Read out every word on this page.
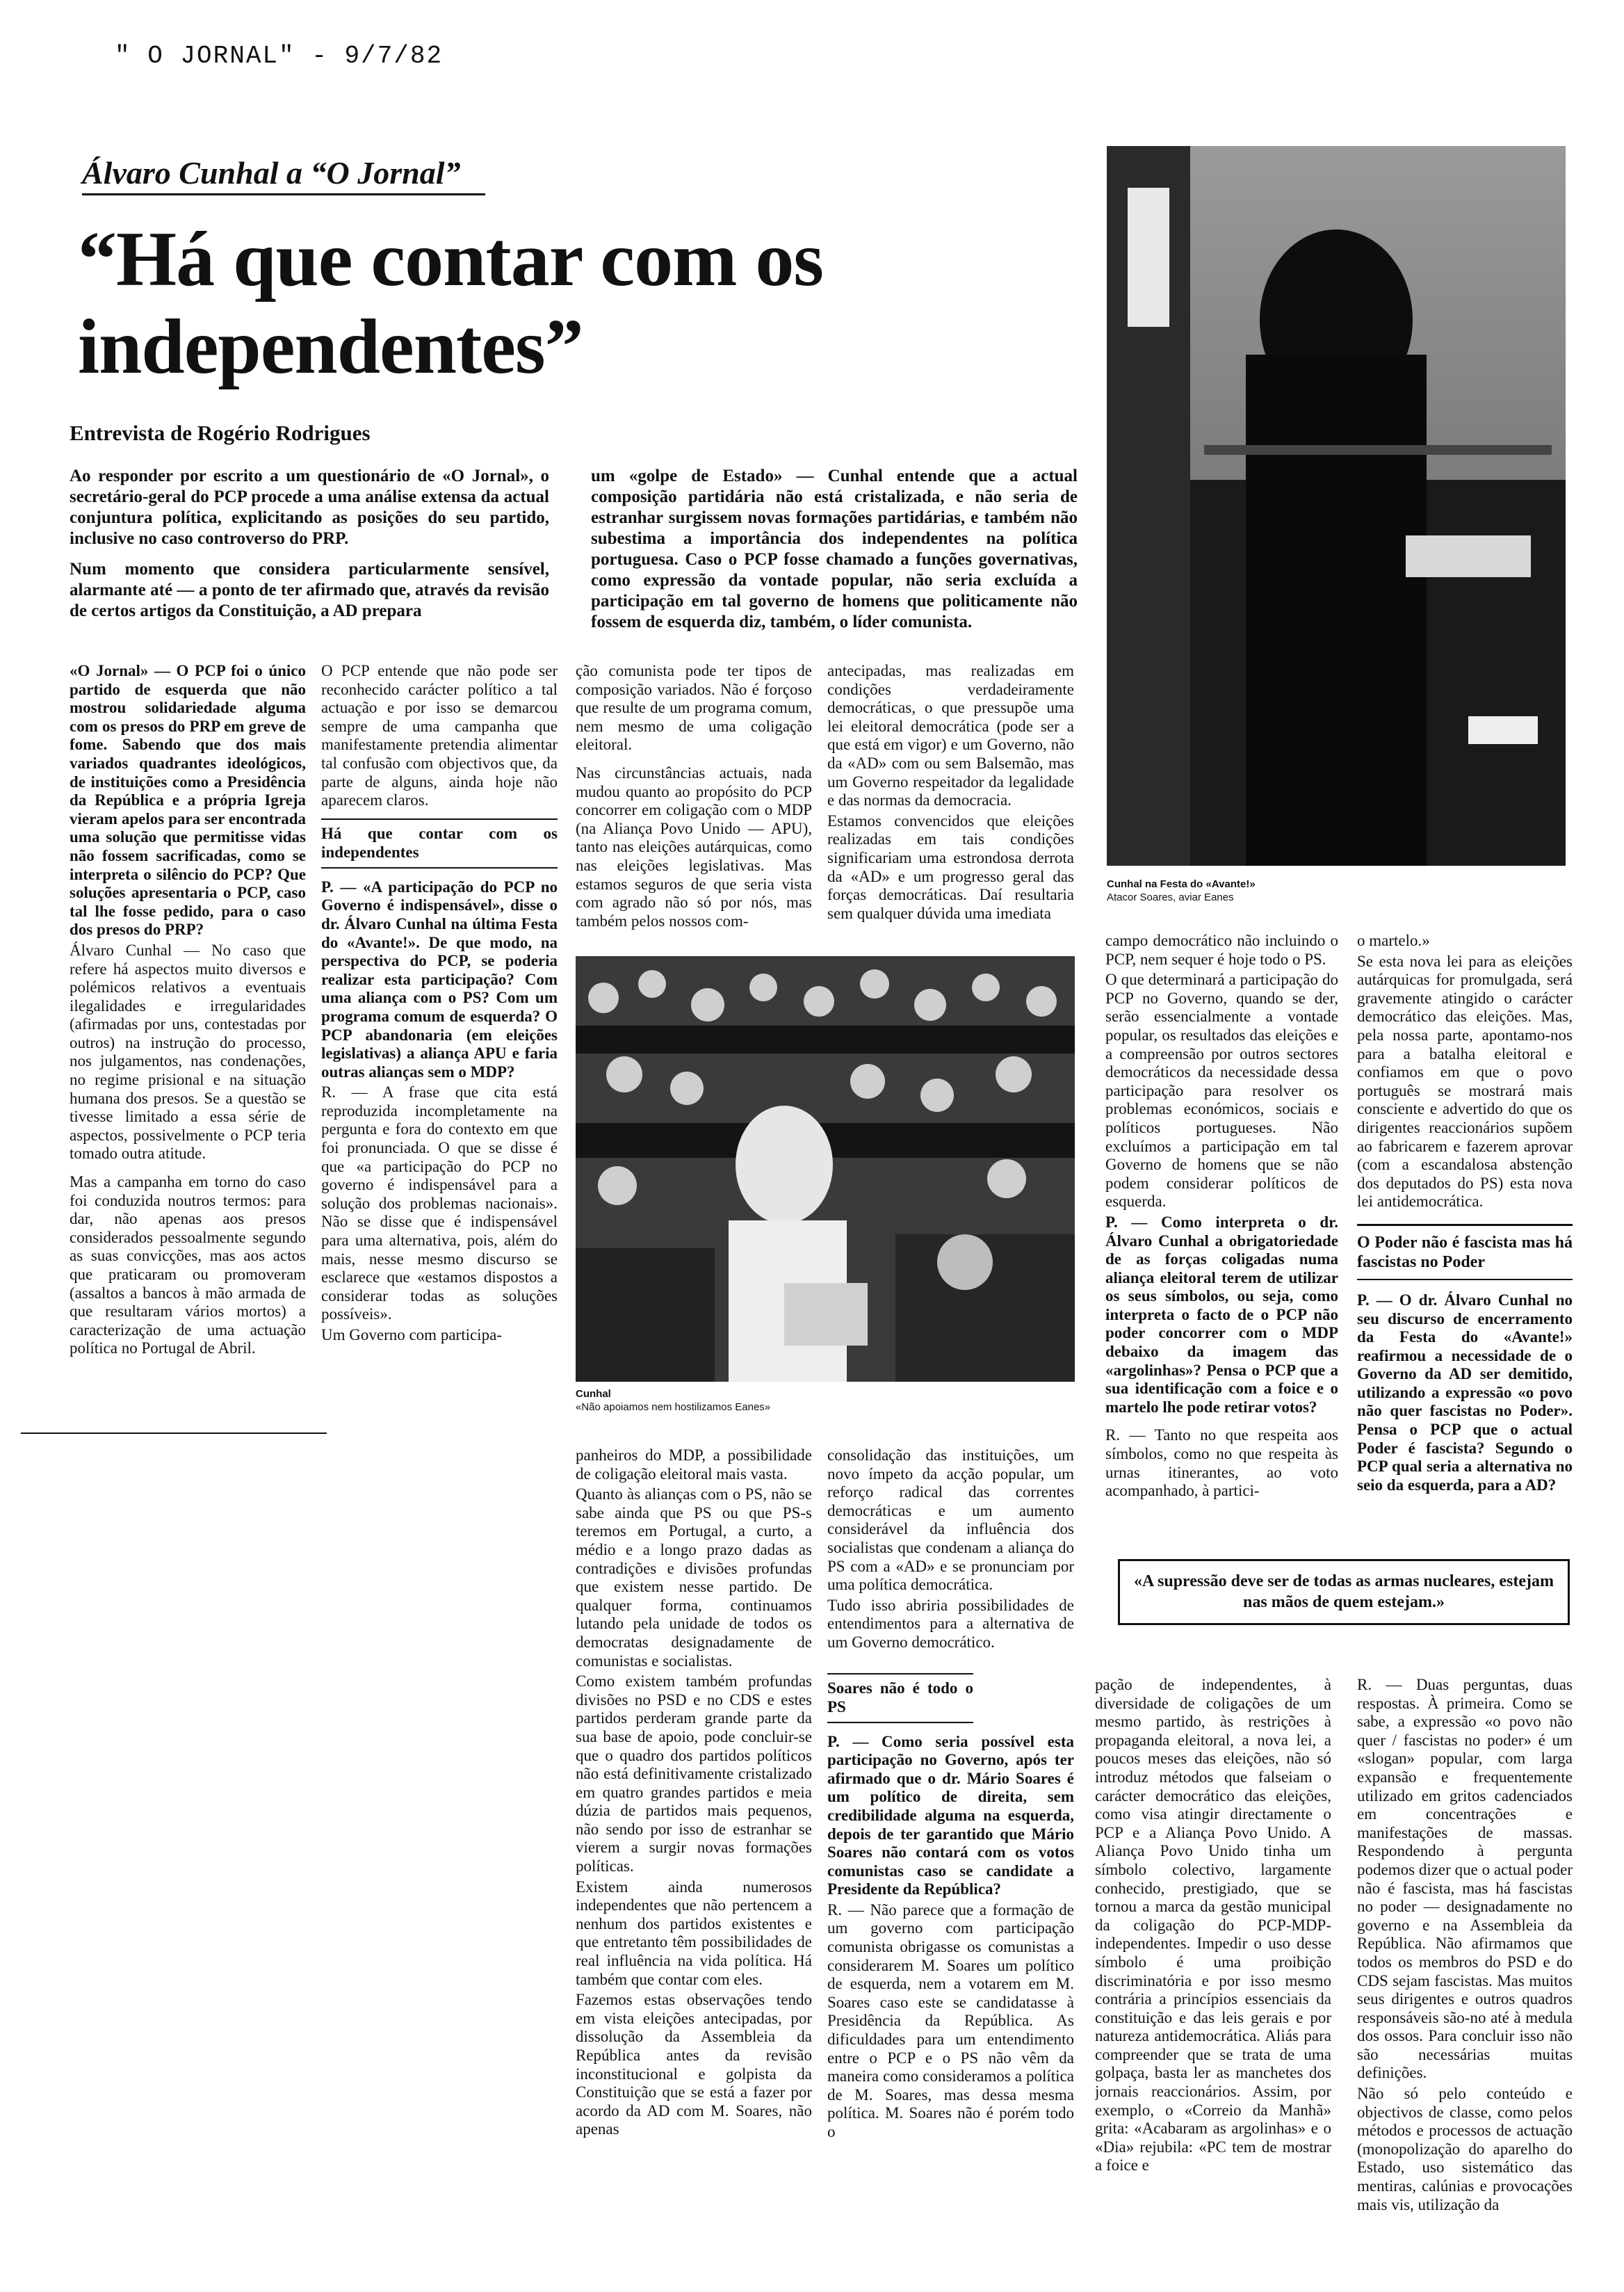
" O JORNAL" - 9/7/82
Álvaro Cunhal a “O Jornal”
“Há que contar com os independentes”
Entrevista de Rogério Rodrigues

Ao responder por escrito a um questionário de «O Jornal», o secretário-geral do PCP procede a uma análise extensa da actual conjuntura política, explicitando as posições do seu partido, inclusive no caso controverso do PRP.

Num momento que considera particularmente sensível, alarmante até — a ponto de ter afirmado que, através da revisão de certos artigos da Constituição, a AD prepara

um «golpe de Estado» — Cunhal entende que a actual composição partidária não está cristalizada, e não seria de estranhar surgissem novas formações partidárias, e também não subestima a importância dos independentes na política portuguesa. Caso o PCP fosse chamado a funções governativas, como expressão da vontade popular, não seria excluída a participação em tal governo de homens que politicamente não fossem de esquerda diz, também, o líder comunista.

Cunhal na Festa do «Avante!»
Atacor Soares, aviar Eanes

«O Jornal» — O PCP foi o único partido de esquerda que não mostrou solidariedade alguma com os presos do PRP em greve de fome. Sabendo que dos mais variados quadrantes ideológicos, de instituições como a Presidência da República e a própria Igreja vieram apelos para ser encontrada uma solução que permitisse vidas não fossem sacrificadas, como se interpreta o silêncio do PCP? Que soluções apresentaria o PCP, caso tal lhe fosse pedido, para o caso dos presos do PRP?

Álvaro Cunhal — No caso que refere há aspectos muito diversos e polémicos relativos a eventuais ilegalidades e irregularidades (afirmadas por uns, contestadas por outros) na instrução do processo, nos julgamentos, nas condenações, no regime prisional e na situação humana dos presos. Se a questão se tivesse limitado a essa série de aspectos, possivelmente o PCP teria tomado outra atitude.

Mas a campanha em torno do caso foi conduzida noutros termos: para dar, não apenas aos presos considerados pessoalmente segundo as suas convicções, mas aos actos que praticaram ou promoveram (assaltos a bancos à mão armada de que resultaram vários mortos) a caracterização de uma actuação política no Portugal de Abril.

O PCP entende que não pode ser reconhecido carácter político a tal actuação e por isso se demarcou sempre de uma campanha que manifestamente pretendia alimentar tal confusão com objectivos que, da parte de alguns, ainda hoje não aparecem claros.

Há que contar com os independentes

P. — «A participação do PCP no Governo é indispensável», disse o dr. Álvaro Cunhal na última Festa do «Avante!». De que modo, na perspectiva do PCP, se poderia realizar esta participação? Com uma aliança com o PS? Com um programa comum de esquerda? O PCP abandonaria (em eleições legislativas) a aliança APU e faria outras alianças sem o MDP?

R. — A frase que cita está reproduzida incompletamente na pergunta e fora do contexto em que foi pronunciada. O que se disse é que «a participação do PCP no governo é indispensável para a solução dos problemas nacionais». Não se disse que é indispensável para uma alternativa, pois, além do mais, nesse mesmo discurso se esclarece que «estamos dispostos a considerar todas as soluções possíveis».

Um Governo com participa-

ção comunista pode ter tipos de composição variados. Não é forçoso que resulte de um programa comum, nem mesmo de uma coligação eleitoral.

Nas circunstâncias actuais, nada mudou quanto ao propósito do PCP concorrer em coligação com o MDP (na Aliança Povo Unido — APU), tanto nas eleições autárquicas, como nas eleições legislativas. Mas estamos seguros de que seria vista com agrado não só por nós, mas também pelos nossos com-

antecipadas, mas realizadas em condições verdadeiramente democráticas, o que pressupõe uma lei eleitoral democrática (pode ser a que está em vigor) e um Governo, não da «AD» com ou sem Balsemão, mas um Governo respeitador da legalidade e das normas da democracia.

Estamos convencidos que eleições realizadas em tais condições significariam uma estrondosa derrota da «AD» e um progresso geral das forças democráticas. Daí resultaria sem qualquer dúvida uma imediata

Cunhal
«Não apoiamos nem hostilizamos Eanes»

campo democrático não incluindo o PCP, nem sequer é hoje todo o PS.

O que determinará a participação do PCP no Governo, quando se der, serão essencialmente a vontade popular, os resultados das eleições e a compreensão por outros sectores democráticos da necessidade dessa participação para resolver os problemas económicos, sociais e políticos portugueses. Não excluímos a participação em tal Governo de homens que se não podem considerar políticos de esquerda.

P. — Como interpreta o dr. Álvaro Cunhal a obrigatoriedade de as forças coligadas numa aliança eleitoral terem de utilizar os seus símbolos, ou seja, como interpreta o facto de o PCP não poder concorrer com o MDP debaixo da imagem das «argolinhas»? Pensa o PCP que a sua identificação com a foice e o martelo lhe pode retirar votos?

R. — Tanto no que respeita aos símbolos, como no que respeita às urnas itinerantes, ao voto acompanhado, à partici-

o martelo.»

Se esta nova lei para as eleições autárquicas for promulgada, será gravemente atingido o carácter democrático das eleições. Mas, pela nossa parte, apontamo-nos para a batalha eleitoral e confiamos em que o povo português se mostrará mais consciente e advertido do que os dirigentes reaccionários supõem ao fabricarem e fazerem aprovar (com a escandalosa abstenção dos deputados do PS) esta nova lei antidemocrática.

O Poder não é fascista mas há fascistas no Poder

P. — O dr. Álvaro Cunhal no seu discurso de encerramento da Festa do «Avante!» reafirmou a necessidade de o Governo da AD ser demitido, utilizando a expressão «o povo não quer fascistas no Poder». Pensa o PCP que o actual Poder é fascista? Segundo o PCP qual seria a alternativa no seio da esquerda, para a AD?

«A supressão deve ser de todas as armas nucleares, estejam nas mãos de quem estejam.»

panheiros do MDP, a possibilidade de coligação eleitoral mais vasta.

Quanto às alianças com o PS, não se sabe ainda que PS ou que PS-s teremos em Portugal, a curto, a médio e a longo prazo dadas as contradições e divisões profundas que existem nesse partido. De qualquer forma, continuamos lutando pela unidade de todos os democratas designadamente de comunistas e socialistas.

Como existem também profundas divisões no PSD e no CDS e estes partidos perderam grande parte da sua base de apoio, pode concluir-se que o quadro dos partidos políticos não está definitivamente cristalizado em quatro grandes partidos e meia dúzia de partidos mais pequenos, não sendo por isso de estranhar se vierem a surgir novas formações políticas.

Existem ainda numerosos independentes que não pertencem a nenhum dos partidos existentes e que entretanto têm possibilidades de real influência na vida política. Há também que contar com eles.

Fazemos estas observações tendo em vista eleições antecipadas, por dissolução da Assembleia da República antes da revisão inconstitucional e golpista da Constituição que se está a fazer por acordo da AD com M. Soares, não apenas

consolidação das instituições, um novo ímpeto da acção popular, um reforço radical das correntes democráticas e um aumento considerável da influência dos socialistas que condenam a aliança do PS com a «AD» e se pronunciam por uma política democrática.

Tudo isso abriria possibilidades de entendimentos para a alternativa de um Governo democrático.

Soares não é todo o PS

P. — Como seria possível esta participação no Governo, após ter afirmado que o dr. Mário Soares é um político de direita, sem credibilidade alguma na esquerda, depois de ter garantido que Mário Soares não contará com os votos comunistas caso se candidate a Presidente da República?

R. — Não parece que a formação de um governo com participação comunista obrigasse os comunistas a considerarem M. Soares um político de esquerda, nem a votarem em M. Soares caso este se candidatasse à Presidência da República. As dificuldades para um entendimento entre o PCP e o PS não vêm da maneira como consideramos a política de M. Soares, mas dessa mesma política. M. Soares não é porém todo o

pação de independentes, à diversidade de coligações de um mesmo partido, às restrições à propaganda eleitoral, a nova lei, a poucos meses das eleições, não só introduz métodos que falseiam o carácter democrático das eleições, como visa atingir directamente o PCP e a Aliança Povo Unido. A Aliança Povo Unido tinha um símbolo colectivo, largamente conhecido, prestigiado, que se tornou a marca da gestão municipal da coligação do PCP-MDP-independentes. Impedir o uso desse símbolo é uma proibição discriminatória e por isso mesmo contrária a princípios essenciais da constituição e das leis gerais e por natureza antidemocrática. Aliás para compreender que se trata de uma golpaça, basta ler as manchetes dos jornais reaccionários. Assim, por exemplo, o «Correio da Manhã» grita: «Acabaram as argolinhas» e o «Dia» rejubila: «PC tem de mostrar a foice e

R. — Duas perguntas, duas respostas. À primeira. Como se sabe, a expressão «o povo não quer / fascistas no poder» é um «slogan» popular, com larga expansão e frequentemente utilizado em gritos cadenciados em concentrações e manifestações de massas. Respondendo à pergunta podemos dizer que o actual poder não é fascista, mas há fascistas no poder — designadamente no governo e na Assembleia da República. Não afirmamos que todos os membros do PSD e do CDS sejam fascistas. Mas muitos seus dirigentes e outros quadros responsáveis são-no até à medula dos ossos. Para concluir isso não são necessárias muitas definições.

Não só pelo conteúdo e objectivos de classe, como pelos métodos e processos de actuação (monopolização do aparelho do Estado, uso sistemático das mentiras, calúnias e provocações mais vis, utilização da
